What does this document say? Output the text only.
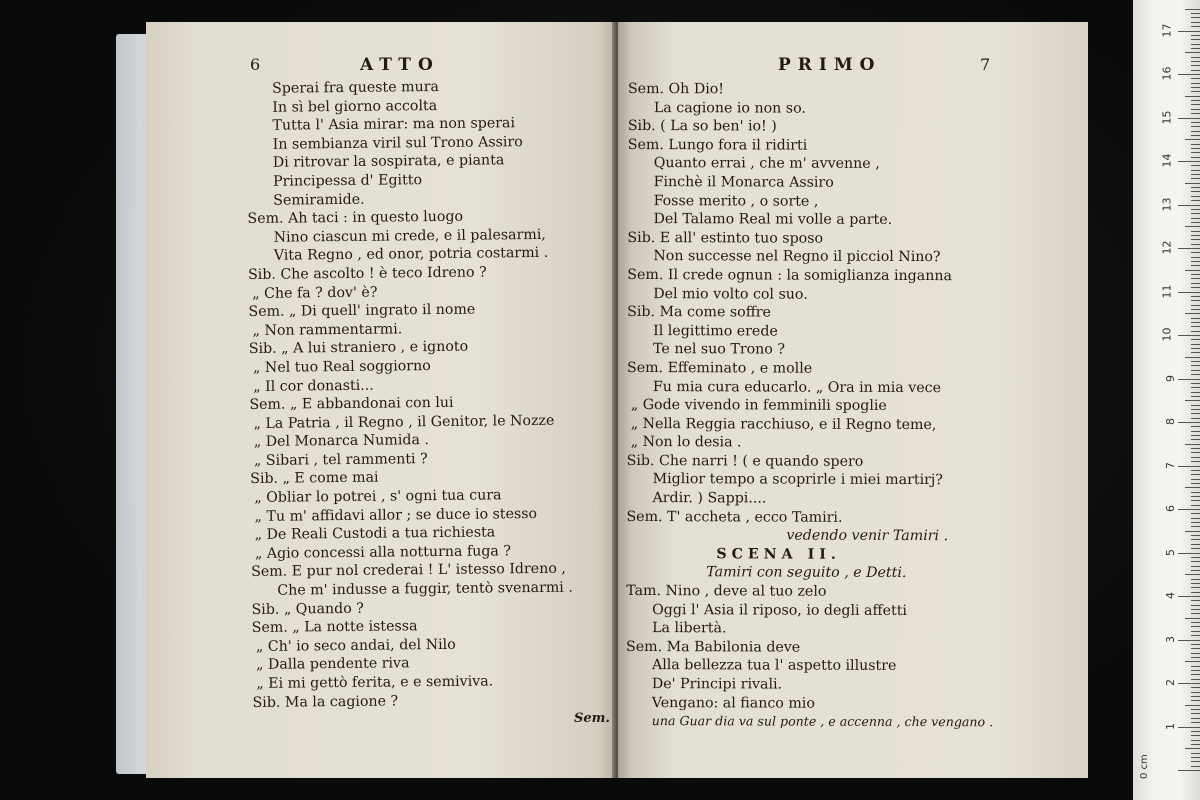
6	ATTO
Sperai fra queste mura
In sì bel giorno accolta
Tutta l' Asia mirar: ma non sperai
In sembianza viril sul Trono Assiro
Di ritrovar la sospirata, e pianta
Principessa d' Egitto
Semiramide.
Sem. Ah taci : in questo luogo
Nino ciascun mi crede, e il palesarmi,
Vita Regno , ed onor, potria costarmi .
Sib. Che ascolto ! è teco Idreno ?
„ Che fa ? dov' è?
Sem. „ Di quell' ingrato il nome
„ Non rammentarmi.
Sib. „ A lui straniero , e ignoto
„ Nel tuo Real soggiorno
„ Il cor donasti...
Sem. „ E abbandonai con lui
„ La Patria , il Regno , il Genitor, le Nozze
„ Del Monarca Numida .
„ Sibari , tel rammenti ?
Sib. „ E come mai
„ Obliar lo potrei , s' ogni tua cura
„ Tu m' affidavi allor ; se duce io stesso
„ De Reali Custodi a tua richiesta
„ Agio concessi alla notturna fuga ?
Sem. E pur nol crederai ! L' istesso Idreno ,
Che m' indusse a fuggir, tentò svenarmi .
Sib. „ Quando ?
Sem. „ La notte istessa
„ Ch' io seco andai, del Nilo
„ Dalla pendente riva
„ Ei mi gettò ferita, e e semiviva.
Sib. Ma la cagione ?
Sem.
PRIMO	7
Sem. Oh Dio!
La cagione io non so.
Sib. ( La so ben' io! )
Sem. Lungo fora il ridirti
Quanto errai , che m' avvenne ,
Finchè il Monarca Assiro
Fosse merito , o sorte ,
Del Talamo Real mi volle a parte.
Sib. E all' estinto tuo sposo
Non successe nel Regno il picciol Nino?
Sem. Il crede ognun : la somiglianza inganna
Del mio volto col suo.
Sib. Ma come soffre
Il legittimo erede
Te nel suo Trono ?
Sem. Effeminato , e molle
Fu mia cura educarlo. „ Ora in mia vece
„ Gode vivendo in femminili spoglie
„ Nella Reggia racchiuso, e il Regno teme,
„ Non lo desia .
Sib. Che narri ! ( e quando spero
Miglior tempo a scoprirle i miei martirj?
Ardir. ) Sappi....
Sem. T' accheta , ecco Tamiri.
vedendo venir Tamiri .
SCENA II.
Tamiri con seguito , e Detti.
Tam. Nino , deve al tuo zelo
Oggi l' Asia il riposo, io degli affetti
La libertà.
Sem. Ma Babilonia deve
Alla bellezza tua l' aspetto illustre
De' Principi rivali.
Vengano: al fianco mio
una Guar dia va sul ponte , e accenna , che vengano .
0 cm
1
2
3
4
5
6
7
8
9
10
11
12
13
14
15
16
17
